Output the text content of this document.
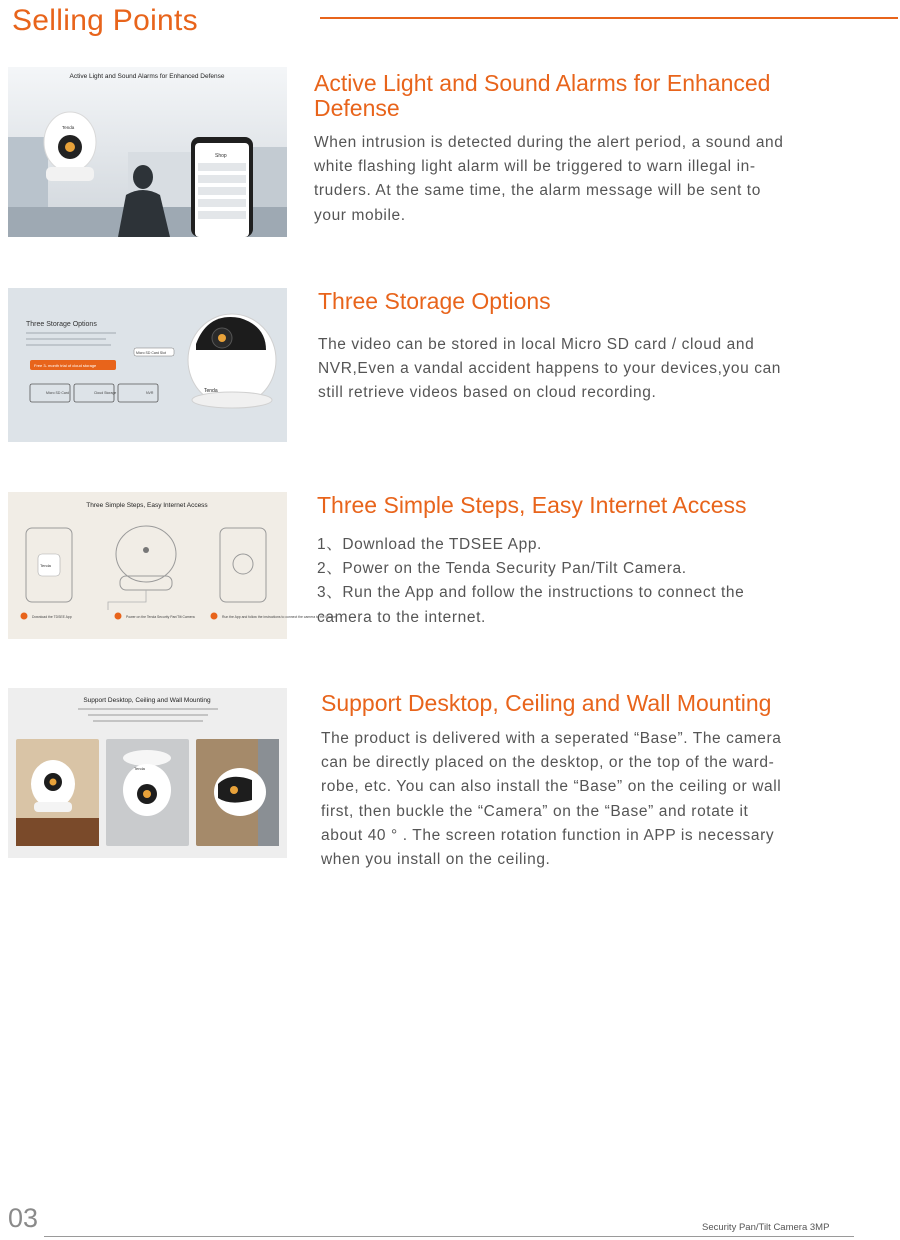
Selling Points
Shop
Active Light and Sound Alarms for Enhanced Defense
Tenda
Active Light and Sound Alarms for Enhanced
Defense
When intrusion is detected during the alert period, a sound and
white flashing light alarm will be triggered to warn illegal in-
truders. At the same time, the alarm message will be sent to
your mobile.
Three Storage Options
Free 3- month trial of cloud storage
Micro SD Card	Cloud Storage	NVR
Micro SD Card Slot
Tenda
Three Storage Options
The video can be stored in local Micro SD card / cloud and
NVR,Even a vandal accident happens to your devices,you can
still retrieve videos based on cloud recording.
Three Simple Steps, Easy Internet Access
Tenda
Download the TDSEE App	Power on the Tenda Security Pan/Tilt Camera	Run the App and follow the instructions to connect the camera to the internet
Three Simple Steps, Easy Internet Access
1、Download the TDSEE App.
2、Power on the Tenda Security Pan/Tilt Camera.
3、Run the App and follow the instructions to connect the
camera to the internet.
Support Desktop, Ceiling and Wall Mounting
Tenda
Support Desktop, Ceiling and Wall Mounting
The product is delivered with a seperated “Base”. The camera
can be directly placed on the desktop, or the top of the ward-
robe, etc. You can also install the “Base” on the ceiling or wall
first, then buckle the “Camera” on the “Base” and rotate it
about 40 ° . The screen rotation function in APP is necessary
when you install on the ceiling.
03	Security Pan/Tilt Camera 3MP
